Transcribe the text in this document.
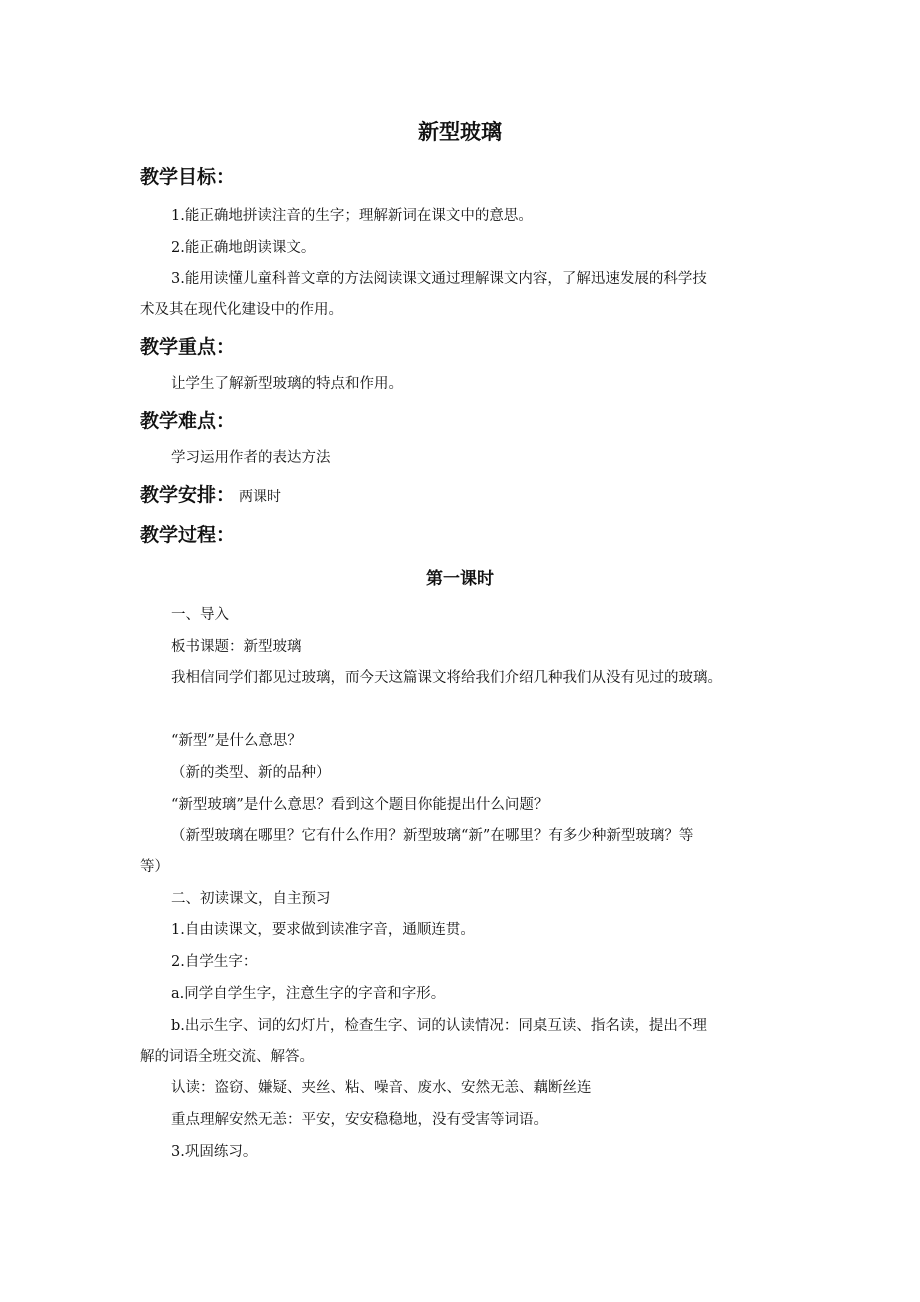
新型玻璃
教学目标：
1.能正确地拼读注音的生字；理解新词在课文中的意思。
2.能正确地朗读课文。
3.能用读懂儿童科普文章的方法阅读课文通过理解课文内容，了解迅速发展的科学技
术及其在现代化建设中的作用。
教学重点：
让学生了解新型玻璃的特点和作用。
教学难点：
学习运用作者的表达方法
教学安排： 两课时
教学过程：
第一课时
一、导入
板书课题：新型玻璃
我相信同学们都见过玻璃，而今天这篇课文将给我们介绍几种我们从没有见过的玻璃。
“新型”是什么意思？
（新的类型、新的品种）
“新型玻璃”是什么意思？看到这个题目你能提出什么问题？
（新型玻璃在哪里？它有什么作用？新型玻璃“新”在哪里？有多少种新型玻璃？等
等）
二、初读课文，自主预习
1.自由读课文，要求做到读准字音，通顺连贯。
2.自学生字：
a.同学自学生字，注意生字的字音和字形。
b.出示生字、词的幻灯片，检查生字、词的认读情况：同桌互读、指名读，提出不理
解的词语全班交流、解答。
认读：盗窃、嫌疑、夹丝、粘、噪音、废水、安然无恙、藕断丝连
重点理解安然无恙：平安，安安稳稳地，没有受害等词语。
3.巩固练习。
